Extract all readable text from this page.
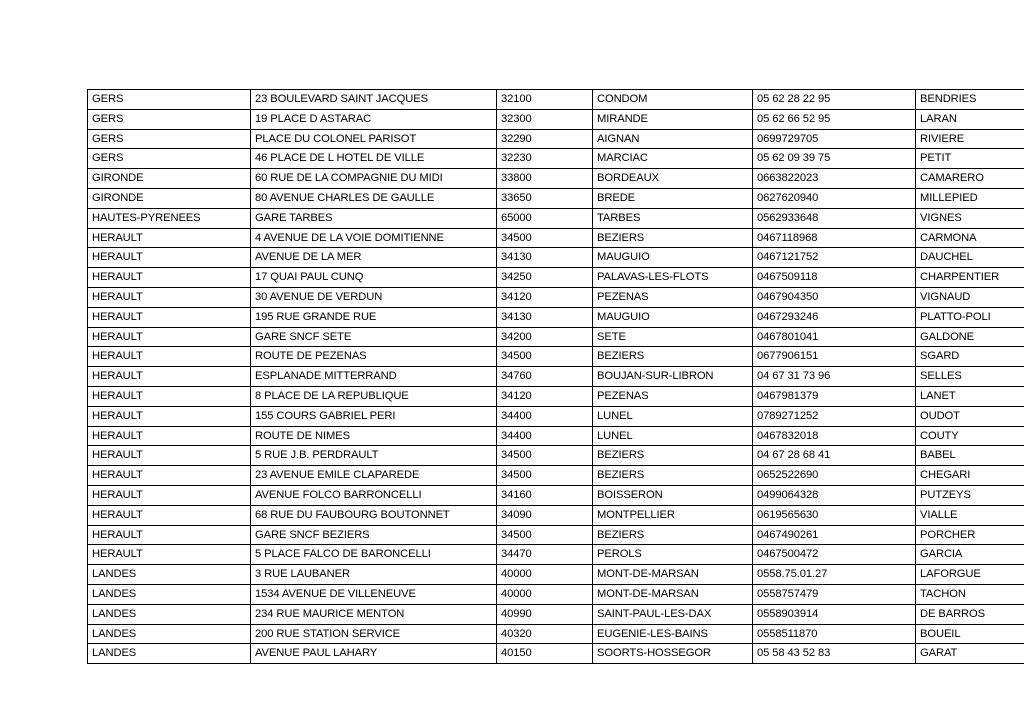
GERS	23 BOULEVARD SAINT JACQUES	32100	CONDOM	05 62 28 22 95	BENDRIES
GERS	19 PLACE D ASTARAC	32300	MIRANDE	05 62 66 52 95	LARAN
GERS	PLACE DU COLONEL PARISOT	32290	AIGNAN	0699729705	RIVIERE
GERS	46 PLACE DE L HOTEL DE VILLE	32230	MARCIAC	05 62 09 39 75	PETIT
GIRONDE	60 RUE DE LA COMPAGNIE DU MIDI	33800	BORDEAUX	0663822023	CAMARERO
GIRONDE	80 AVENUE CHARLES DE GAULLE	33650	BREDE	0627620940	MILLEPIED
HAUTES-PYRENEES	GARE TARBES	65000	TARBES	0562933648	VIGNES
HERAULT	4 AVENUE DE LA VOIE DOMITIENNE	34500	BEZIERS	0467118968	CARMONA
HERAULT	AVENUE DE LA MER	34130	MAUGUIO	0467121752	DAUCHEL
HERAULT	17 QUAI PAUL CUNQ	34250	PALAVAS-LES-FLOTS	0467509118	CHARPENTIER
HERAULT	30 AVENUE DE VERDUN	34120	PEZENAS	0467904350	VIGNAUD
HERAULT	195 RUE GRANDE RUE	34130	MAUGUIO	0467293246	PLATTO-POLI
HERAULT	GARE SNCF SETE	34200	SETE	0467801041	GALDONE
HERAULT	ROUTE DE PEZENAS	34500	BEZIERS	0677906151	SGARD
HERAULT	ESPLANADE MITTERRAND	34760	BOUJAN-SUR-LIBRON	04 67 31 73 96	SELLES
HERAULT	8 PLACE DE LA REPUBLIQUE	34120	PEZENAS	0467981379	LANET
HERAULT	155 COURS GABRIEL PERI	34400	LUNEL	0789271252	OUDOT
HERAULT	ROUTE DE NIMES	34400	LUNEL	0467832018	COUTY
HERAULT	5 RUE J.B. PERDRAULT	34500	BEZIERS	04 67 28 68 41	BABEL
HERAULT	23 AVENUE EMILE CLAPAREDE	34500	BEZIERS	0652522690	CHEGARI
HERAULT	AVENUE FOLCO BARRONCELLI	34160	BOISSERON	0499064328	PUTZEYS
HERAULT	68 RUE DU FAUBOURG BOUTONNET	34090	MONTPELLIER	0619565630	VIALLE
HERAULT	GARE SNCF BEZIERS	34500	BEZIERS	0467490261	PORCHER
HERAULT	5 PLACE FALCO DE BARONCELLI	34470	PEROLS	0467500472	GARCIA
LANDES	3 RUE LAUBANER	40000	MONT-DE-MARSAN	0558.75.01.27	LAFORGUE
LANDES	1534 AVENUE DE VILLENEUVE	40000	MONT-DE-MARSAN	0558757479	TACHON
LANDES	234 RUE MAURICE MENTON	40990	SAINT-PAUL-LES-DAX	0558903914	DE BARROS
LANDES	200 RUE STATION SERVICE	40320	EUGENIE-LES-BAINS	0558511870	BOUEIL
LANDES	AVENUE PAUL LAHARY	40150	SOORTS-HOSSEGOR	05 58 43 52 83	GARAT
